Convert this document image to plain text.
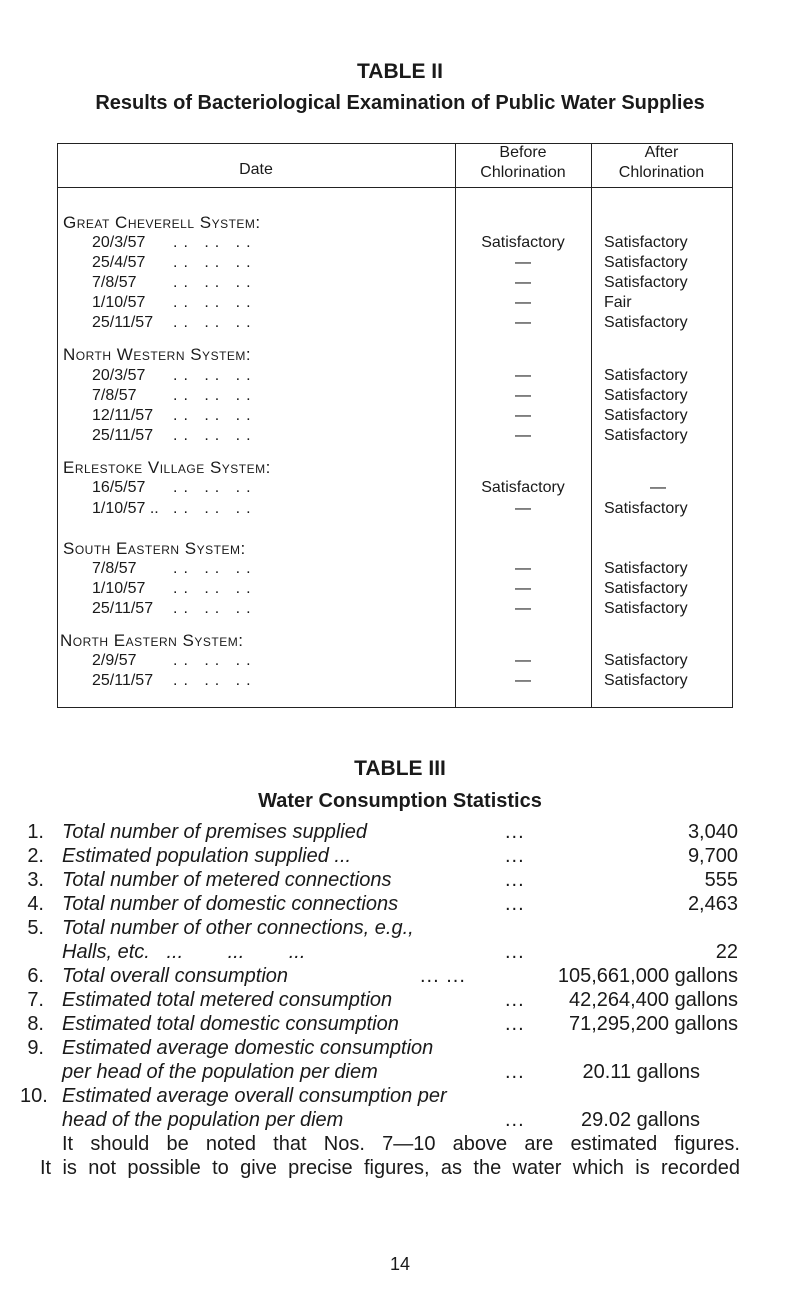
TABLE II
Results of Bacteriological Examination of Public Water Supplies
Date
Before
Chlorination
After
Chlorination
Great Cheverell System:
20/3/57 .. .. ..	Satisfactory	Satisfactory
25/4/57 .. .. ..	—	Satisfactory
7/8/57 .. .. ..	—	Satisfactory
1/10/57 .. .. ..	—	Fair
25/11/57 .. .. ..	—	Satisfactory
North Western System:
20/3/57 .. .. ..	—	Satisfactory
7/8/57 .. .. ..	—	Satisfactory
12/11/57 .. .. ..	—	Satisfactory
25/11/57 .. .. ..	—	Satisfactory
Erlestoke Village System:
16/5/57 .. .. ..	Satisfactory	—
1/10/57 .. .. .. ..	—	Satisfactory
South Eastern System:
7/8/57 .. .. ..	—	Satisfactory
1/10/57 .. .. ..	—	Satisfactory
25/11/57 .. .. ..	—	Satisfactory
North Eastern System:
2/9/57 .. .. ..	—	Satisfactory
25/11/57 .. .. ..	—	Satisfactory
TABLE III
Water Consumption Statistics
1. Total number of premises supplied	...	3,040
2. Estimated population supplied ...	...	9,700
3. Total number of metered connections	...	555
4. Total number of domestic connections	...	2,463
5. Total number of other connections, e.g.,
Halls, etc.   ...        ...        ...	...	22
6. Total overall consumption	... ...	105,661,000 gallons
7. Estimated total metered consumption	... 42,264,400 gallons
8. Estimated total domestic consumption	... 71,295,200 gallons
9. Estimated average domestic consumption
per head of the population per diem	...	20.11 gallons
10. Estimated average overall consumption per
head of the population per diem	...	29.02 gallons
It should be noted that Nos. 7—10 above are estimated figures.
It is not possible to give precise figures, as the water which is recorded
14
